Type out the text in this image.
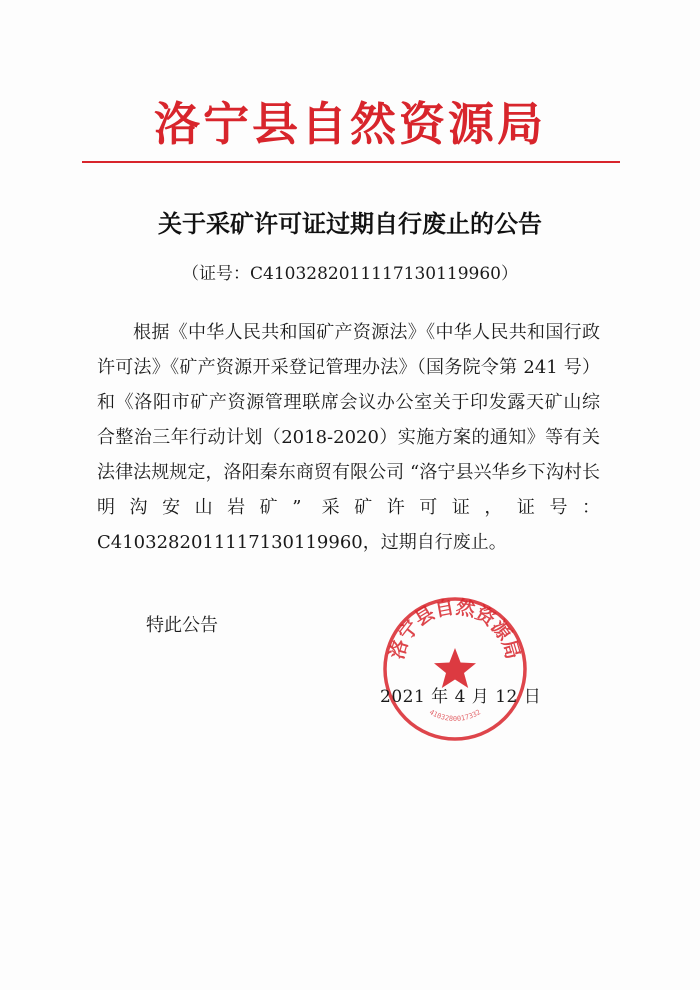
洛宁县自然资源局
关于采矿许可证过期自行废止的公告
（证号：C4103282011117130119960）

根据《中华人民共和国矿产资源法》《中华人民共和国行政许可法》《矿产资源开采登记管理办法》（国务院令第 241 号）和《洛阳市矿产资源管理联席会议办公室关于印发露天矿山综合整治三年行动计划（2018-2020）实施方案的通知》等有关法律法规规定，洛阳秦东商贸有限公司 “洛宁县兴华乡下沟村长明沟安山岩矿” 采矿许可证，证号：C4103282011117130119960，过期自行废止。

特此公告
洛宁县自然资源局
4103280017332
2021 年 4 月 12 日
